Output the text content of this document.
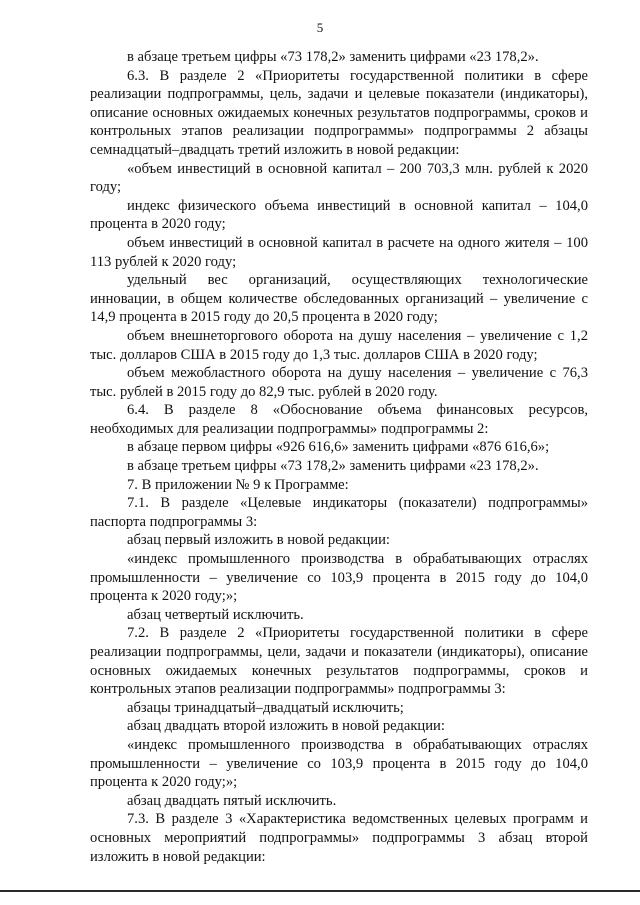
5

в абзаце третьем цифры «73 178,2» заменить цифрами «23 178,2».

6.3. В разделе 2 «Приоритеты государственной политики в сфере реализации подпрограммы, цель, задачи и целевые показатели (индикаторы), описание основных ожидаемых конечных результатов подпрограммы, сроков и контрольных этапов реализации подпрограммы» подпрограммы 2 абзацы семнадцатый–двадцать третий изложить в новой редакции:

«объем инвестиций в основной капитал – 200 703,3 млн. рублей к 2020 году;

индекс физического объема инвестиций в основной капитал – 104,0 процента в 2020 году;

объем инвестиций в основной капитал в расчете на одного жителя – 100 113 рублей к 2020 году;

удельный вес организаций, осуществляющих технологические инновации, в общем количестве обследованных организаций – увеличение с 14,9 процента в 2015 году до 20,5 процента в 2020 году;

объем внешнеторгового оборота на душу населения – увеличение с 1,2 тыс. долларов США в 2015 году до 1,3 тыс. долларов США в 2020 году;

объем межобластного оборота на душу населения – увеличение с 76,3 тыс. рублей в 2015 году до 82,9 тыс. рублей в 2020 году.

6.4. В разделе 8 «Обоснование объема финансовых ресурсов, необходимых для реализации подпрограммы» подпрограммы 2:

в абзаце первом цифры «926 616,6» заменить цифрами «876 616,6»;

в абзаце третьем цифры «73 178,2» заменить цифрами «23 178,2».

7. В приложении № 9 к Программе:

7.1. В разделе «Целевые индикаторы (показатели) подпрограммы» паспорта подпрограммы 3:

абзац первый изложить в новой редакции:

«индекс промышленного производства в обрабатывающих отраслях промышленности – увеличение со 103,9 процента в 2015 году до 104,0 процента к 2020 году;»;

абзац четвертый исключить.

7.2. В разделе 2 «Приоритеты государственной политики в сфере реализации подпрограммы, цели, задачи и показатели (индикаторы), описание основных ожидаемых конечных результатов подпрограммы, сроков и контрольных этапов реализации подпрограммы» подпрограммы 3:

абзацы тринадцатый–двадцатый исключить;

абзац двадцать второй изложить в новой редакции:

«индекс промышленного производства в обрабатывающих отраслях промышленности – увеличение со 103,9 процента в 2015 году до 104,0 процента к 2020 году;»;

абзац двадцать пятый исключить.

7.3. В разделе 3 «Характеристика ведомственных целевых программ и основных мероприятий подпрограммы» подпрограммы 3 абзац второй изложить в новой редакции:
